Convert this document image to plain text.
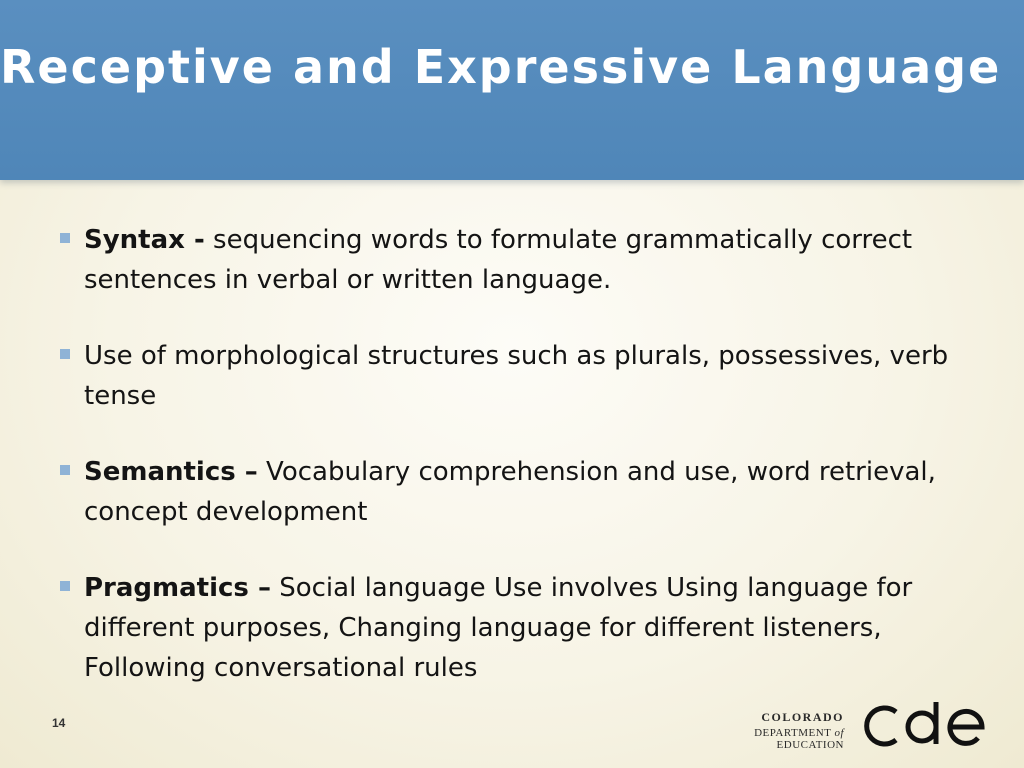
Receptive and Expressive Language
Syntax - sequencing words to formulate grammatically correct sentences in verbal or written language.
Use of morphological structures such as plurals, possessives, verb tense
Semantics – Vocabulary comprehension and use, word retrieval, concept development
Pragmatics – Social language Use involves Using language for different purposes, Changing language for different listeners, Following conversational rules
14	COLORADO
DEPARTMENT of EDUCATION
